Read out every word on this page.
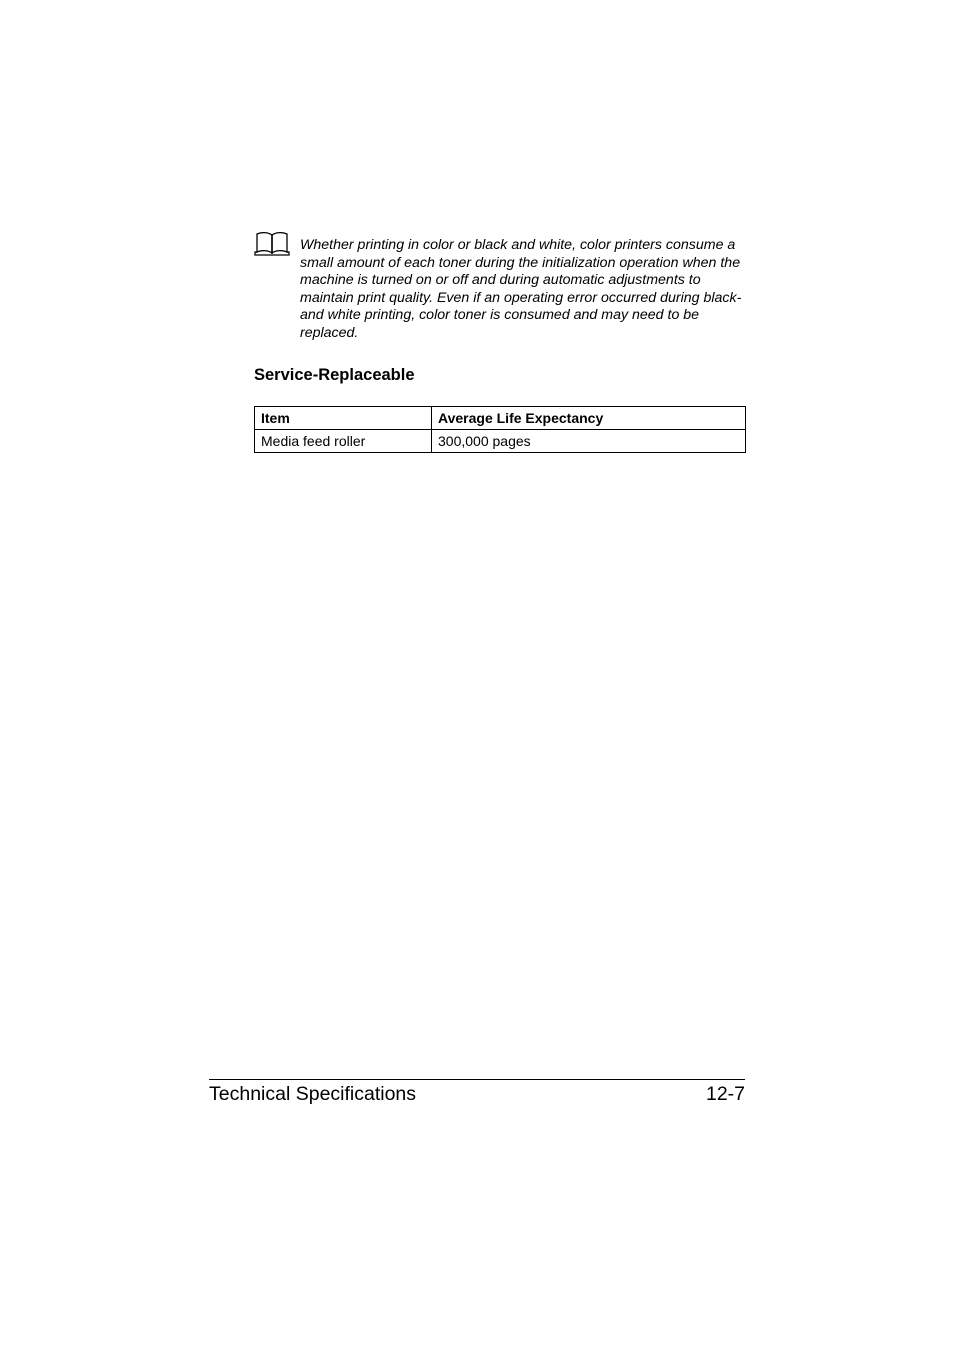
Whether printing in color or black and white, color printers consume a small amount of each toner during the initialization operation when the machine is turned on or off and during automatic adjustments to maintain print quality. Even if an operating error occurred during black-and white printing, color toner is consumed and may need to be replaced.
Service-Replaceable
Item	Average Life Expectancy
Media feed roller	300,000 pages
Technical Specifications	12-7
